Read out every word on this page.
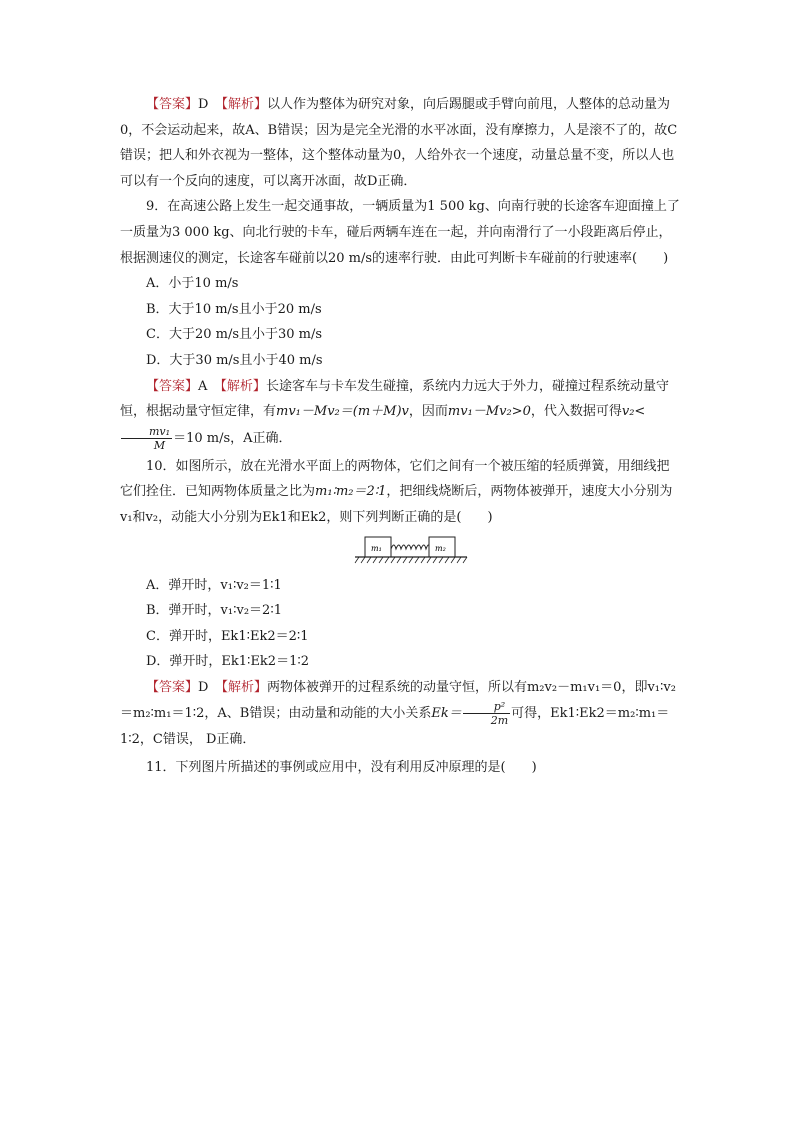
【答案】D　 【解析】以人作为整体为研究对象，向后踢腿或手臂向前甩，人整体的总动量为0，不会运动起来，故A、B错误；因为是完全光滑的水平冰面，没有摩擦力，人是滚不了的，故C错误；把人和外衣视为一整体，这个整体动量为0，人给外衣一个速度，动量总量不变，所以人也可以有一个反向的速度，可以离开冰面，故D正确．

9．在高速公路上发生一起交通事故，一辆质量为1 500 kg、向南行驶的长途客车迎面撞上了一质量为3 000 kg、向北行驶的卡车，碰后两辆车连在一起，并向南滑行了一小段距离后停止，根据测速仪的测定，长途客车碰前以20 m/s的速率行驶．由此可判断卡车碰前的行驶速率(　　)

A．小于10 m/s

B．大于10 m/s且小于20 m/s

C．大于20 m/s且小于30 m/s

D．大于30 m/s且小于40 m/s

【答案】A　 【解析】长途客车与卡车发生碰撞，系统内力远大于外力，碰撞过程系统动量守恒，根据动量守恒定律，有mv₁－Mv₂＝(m＋M)v，因而mv₁－Mv₂>0，代入数据可得v₂<
$\frac{\text{mv₁}}{M} =10$ m/s，A正确．

10．如图所示，放在光滑水平面上的两物体，它们之间有一个被压缩的轻质弹簧，用细线把它们拴住．已知两物体质量之比为m₁∶m₂＝2∶1，把细线烧断后，两物体被弹开，速度大小分别为v₁和v₂，动能大小分别为Ek1和Ek2，则下列判断正确的是(　　)

m₁	m₂

A．弹开时，v₁∶v₂＝1∶1

B．弹开时，v₁∶v₂＝2∶1

C．弹开时，Ek1∶Ek2＝2∶1

D．弹开时，Ek1∶Ek2＝1∶2

【答案】D　 【解析】两物体被弹开的过程系统的动量守恒，所以有m₂v₂－m₁v₁＝0，即v₁∶v₂＝m₂∶m₁＝1∶2，A、B错误；由动量和动能的大小关系$Ek= \frac{\text{p²}}{2m}$ 可得，Ek1∶Ek2＝m₂∶m₁＝1∶2，C错误， D正确．

11．下列图片所描述的事例或应用中，没有利用反冲原理的是(　　)
